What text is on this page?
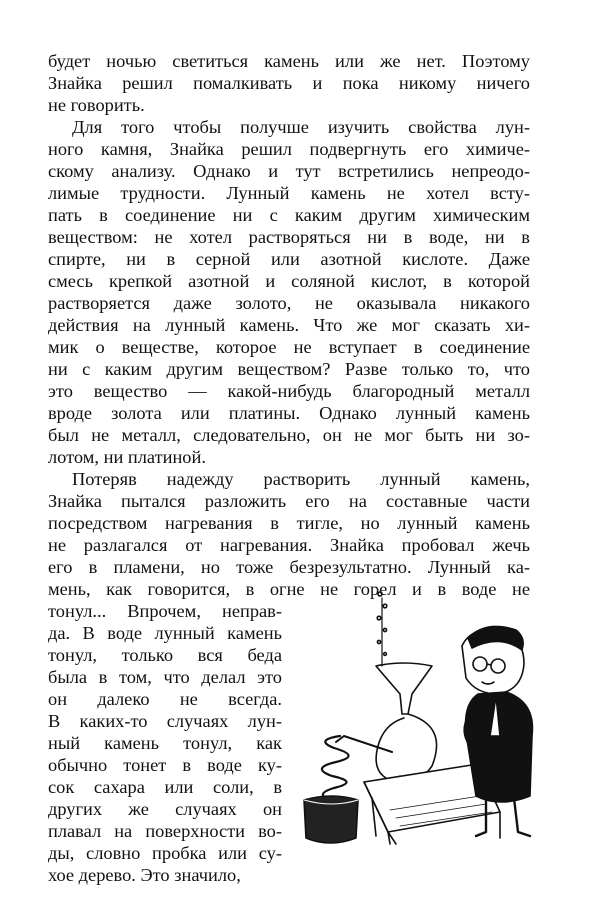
будет ночью светиться камень или же нет. Поэтому
Знайка решил помалкивать и пока никому ничего
не говорить.
Для того чтобы получше изучить свойства лун-
ного камня, Знайка решил подвергнуть его химиче-
скому анализу. Однако и тут встретились непреодо-
лимые трудности. Лунный камень не хотел всту-
пать в соединение ни с каким другим химическим
веществом: не хотел растворяться ни в воде, ни в
спирте, ни в серной или азотной кислоте. Даже
смесь крепкой азотной и соляной кислот, в которой
растворяется даже золото, не оказывала никакого
действия на лунный камень. Что же мог сказать хи-
мик о веществе, которое не вступает в соединение
ни с каким другим веществом? Разве только то, что
это вещество — какой-нибудь благородный металл
вроде золота или платины. Однако лунный камень
был не металл, следовательно, он не мог быть ни зо-
лотом, ни платиной.
Потеряв надежду растворить лунный камень,
Знайка пытался разложить его на составные части
посредством нагревания в тигле, но лунный камень
не разлагался от нагревания. Знайка пробовал жечь
его в пламени, но тоже безрезультатно. Лунный ка-
мень, как говорится, в огне не горел и в воде не
тонул... Впрочем, неправ-
да. В воде лунный камень
тонул, только вся беда
была в том, что делал это
он далеко не всегда.
В каких-то случаях лун-
ный камень тонул, как
обычно тонет в воде ку-
сок сахара или соли, в
других же случаях он
плавал на поверхности во-
ды, словно пробка или су-
хое дерево. Это значило,
